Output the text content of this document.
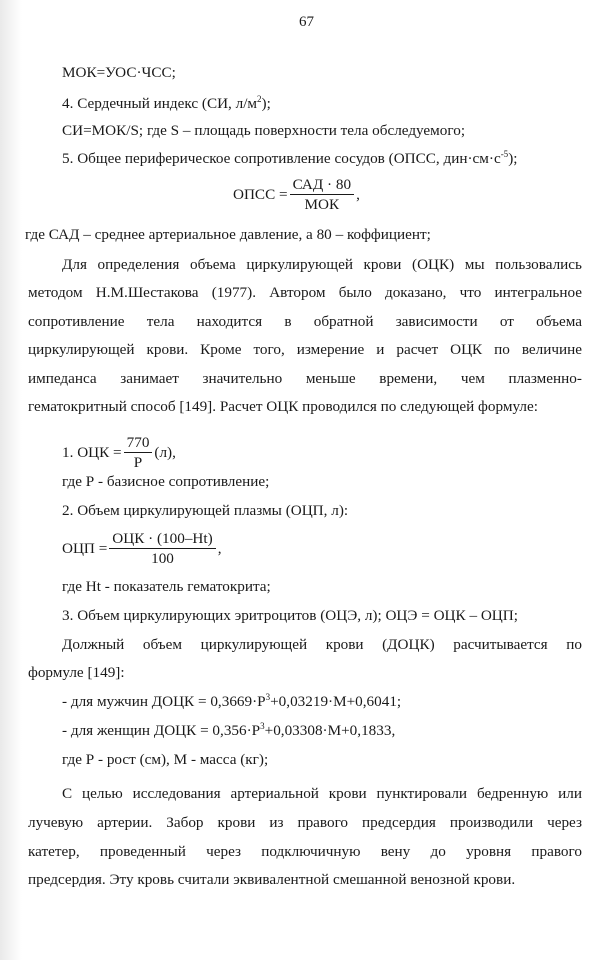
67
МОК=УОС·ЧСС;
4. Сердечный индекс (СИ, $л/м^2$);
СИ=МОК/S; где S – площадь поверхности тела обследуемого;
5. Общее периферическое сопротивление сосудов (ОПСС, $дин\cdot см\cdot с^{-5}$);
ОПСС = $\frac{\text{САД · 80}}{\text{МОК}}$ ,
где САД – среднее артериальное давление, а 80 – коффициент;
Для определения объема циркулирующей крови (ОЦК) мы пользовались
методом Н.М.Шестакова (1977). Автором было доказано, что интегральное
сопротивление тела находится в обратной зависимости от объема
циркулирующей крови. Кроме того, измерение и расчет ОЦК по величине
импеданса занимает значительно меньше времени, чем плазменно-
гематокритный способ [149]. Расчет ОЦК проводился по следующей формуле:
1. ОЦК = $\frac{770}{Р} (л)$,
где Р - базисное сопротивление;
2. Объем циркулирующей плазмы (ОЦП, л):
ОЦП = $\frac{\text{ОЦК · (100–Ht)}}{100}$ ,
где Ht - показатель гематокрита;
3. Объем циркулирующих эритроцитов (ОЦЭ, л); ОЦЭ = ОЦК – ОЦП;
Должный объем циркулирующей крови (ДОЦК) расчитывается по
формуле [149]:
- для мужчин ДОЦК = $0,3669\cdot Р^3+0,03219\cdot М+0,6041$;
- для женщин ДОЦК = $0,356\cdot Р^3+0,03308\cdot М+0,1833$,
где Р - рост (см), М - масса (кг);
С целью исследования артериальной крови пунктировали бедренную или
лучевую артерии. Забор крови из правого предсердия производили через
катетер, проведенный через подключичную вену до уровня правого
предсердия. Эту кровь считали эквивалентной смешанной венозной крови.
